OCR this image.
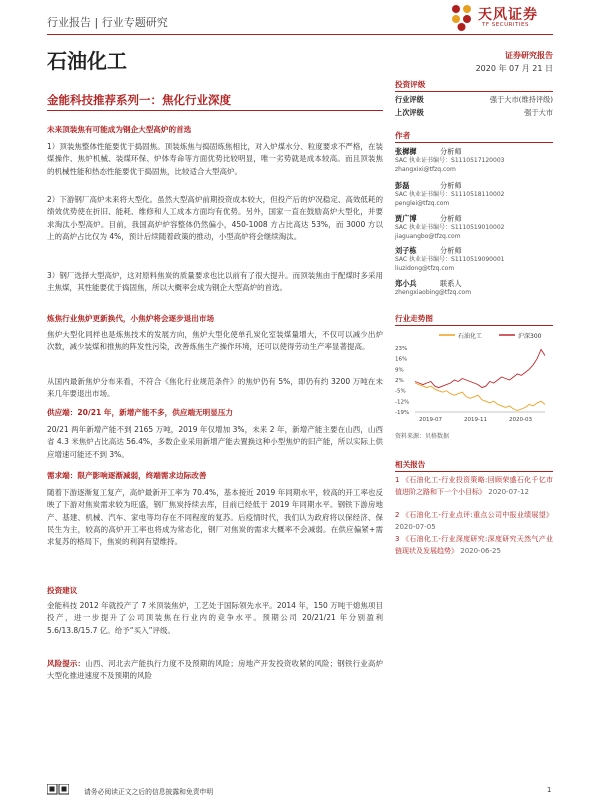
行业报告 | 行业专题研究	天风证券
TF SECURITIES
石油化工	证券研究报告
2020 年 07 月 21 日
金能科技推荐系列一：焦化行业深度
未来顶装焦有可能成为钢企大型高炉的首选
1）顶装焦整体性能要优于捣固焦。顶装炼焦与捣固炼焦相比，对入炉煤水分、粒度要求不严格，在装煤操作、焦炉机械、装煤环保、炉体寿命等方面优势比较明显，唯一劣势就是成本较高。而且顶装焦的机械性能和热态性能要优于捣固焦，比较适合大型高炉。
2）下游钢厂高炉未来将大型化。虽然大型高炉前期投资成本较大，但投产后的炉况稳定、高效低耗的绩效优势使在折旧、能耗、维修和人工成本方面均有优势。另外，国家一直在鼓励高炉大型化，并要求淘汰小型高炉。目前，我国高炉炉容整体仍然偏小，450-1008 方占比高达 53%，而 3000 方以上的高炉占比仅为 4%，预计后续随着政策的推动，小型高炉将会继续淘汰。
3）钢厂选择大型高炉，这对原料焦炭的质量要求也比以前有了很大提升。而顶装焦由于配煤时多采用主焦煤，其性能要优于捣固焦，所以大概率会成为钢企大型高炉的首选。
炼焦行业焦炉更新换代，小焦炉将会逐步退出市场
焦炉大型化同样也是炼焦技术的发展方向，焦炉大型化使单孔炭化室装煤量增大，不仅可以减少出炉次数，减少装煤和推焦的阵发性污染，改善炼焦生产操作环境，还可以使得劳动生产率显著提高。
从国内最新焦炉分布来看，不符合《焦化行业规范条件》的焦炉仍有 5%，即仍有约 3200 万吨在未来几年要退出市场。
供应端：20/21 年，新增产能不多，供应端无明显压力
20/21 两年新增产能不到 2165 万吨，2019 年仅增加 3%，未来 2 年，新增产能主要在山西，山西省 4.3 米焦炉占比高达 56.4%，多数企业采用新增产能去置换这种小型焦炉的旧产能，所以实际上供应增速可能还不到 3%。
需求端：限产影响逐渐减弱，终端需求边际改善
随着下游逐渐复工复产，高炉最新开工率为 70.4%，基本接近 2019 年同期水平，较高的开工率也反映了下游对焦炭需求较为旺盛，钢厂焦炭持续去库，目前已经低于 2019 年同期水平。钢铁下游房地产、基建、机械、汽车、家电等均存在不同程度的复苏。后疫情时代，我们认为政府将以保经济、保民生为主，较高的高炉开工率也将成为常态化，钢厂对焦炭的需求大概率不会减弱。在供应偏紧+需求复苏的格局下，焦炭的利润有望维持。
投资建议
金能科技 2012 年就投产了 7 米顶装焦炉，工艺处于国际领先水平。2014 年，150 万吨干熄焦项目投产，进一步提升了公司顶装焦在行业内的竞争水平。预期公司 20/21/21 年分别盈利 5.6/13.8/15.7 亿。给予“买入”评级。
风险提示：山西、河北去产能执行力度不及预期的风险；房地产开发投资收紧的风险；钢铁行业高炉大型化推进速度不及预期的风险
投资评级
行业评级	强于大市(维持评级)
上次评级	强于大市
作者
张樨樨	分析师
SAC 执业证书编号：S1110517120003
zhangxixi@tfzq.com
彭磊	分析师
SAC 执业证书编号：S1110518110002
penglei@tfzq.com
贾广博	分析师
SAC 执业证书编号：S1110519010002
jiaguangbo@tfzq.com
刘子栋	分析师
SAC 执业证书编号：S1110519090001
liuzidong@tfzq.com
郑小兵	联系人
zhengxiaobing@tfzq.com
行业走势图
石油化工	沪深300
23%
16%
9%
2%
-5%
-12%
-19%
2019-07	2019-11	2020-03
资料来源：贝格数据
相关报告
1 《石油化工-行业投资策略:回顾荣盛石化千亿市值进阶之路和下一个小目标》 2020-07-12
2 《石油化工-行业点评:重点公司中报业绩展望》 2020-07-05
3 《石油化工-行业深度研究:深度研究天然气产业链现状及发展趋势》 2020-06-25
请务必阅读正文之后的信息披露和免责申明	1
